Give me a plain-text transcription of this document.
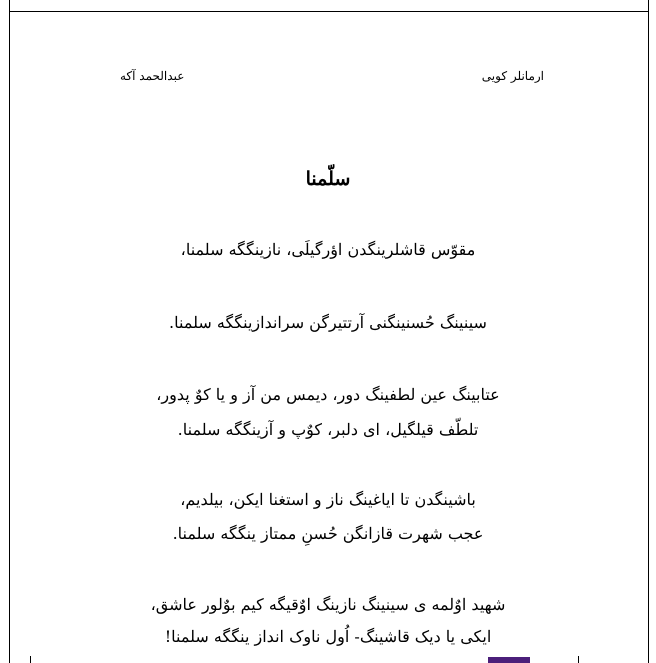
ارمانلر کویی
عبدالحمد آکه
سلّمنا
مقوّس قاشلرینگدن اؤرگیلَی، نازینگگه سلمنا،
سینینگ حُسنینگنی آرتتیرگن سراندازینگگه سلمنا.
عتابینگ عین لطفینگ دور، دیمس من آز و یا کوٌ پدور،
تلطّف قیلگیل، ای دلبر، کوٌپ و آزینگگه سلمنا.
باشینگدن تا ایاغینگ ناز و استغنا ایکن، بیلدیم،
عجب شهرت قازانگن حُسنِ ممتاز ینگگه سلمنا.
شهید اوٌلمه ی سینینگ نازینگ اوٌقیگه کیم بوٌلور عاشق،
ایکی یا دیک قاشینگ- اُول ناوک انداز ینگگه سلمنا!
